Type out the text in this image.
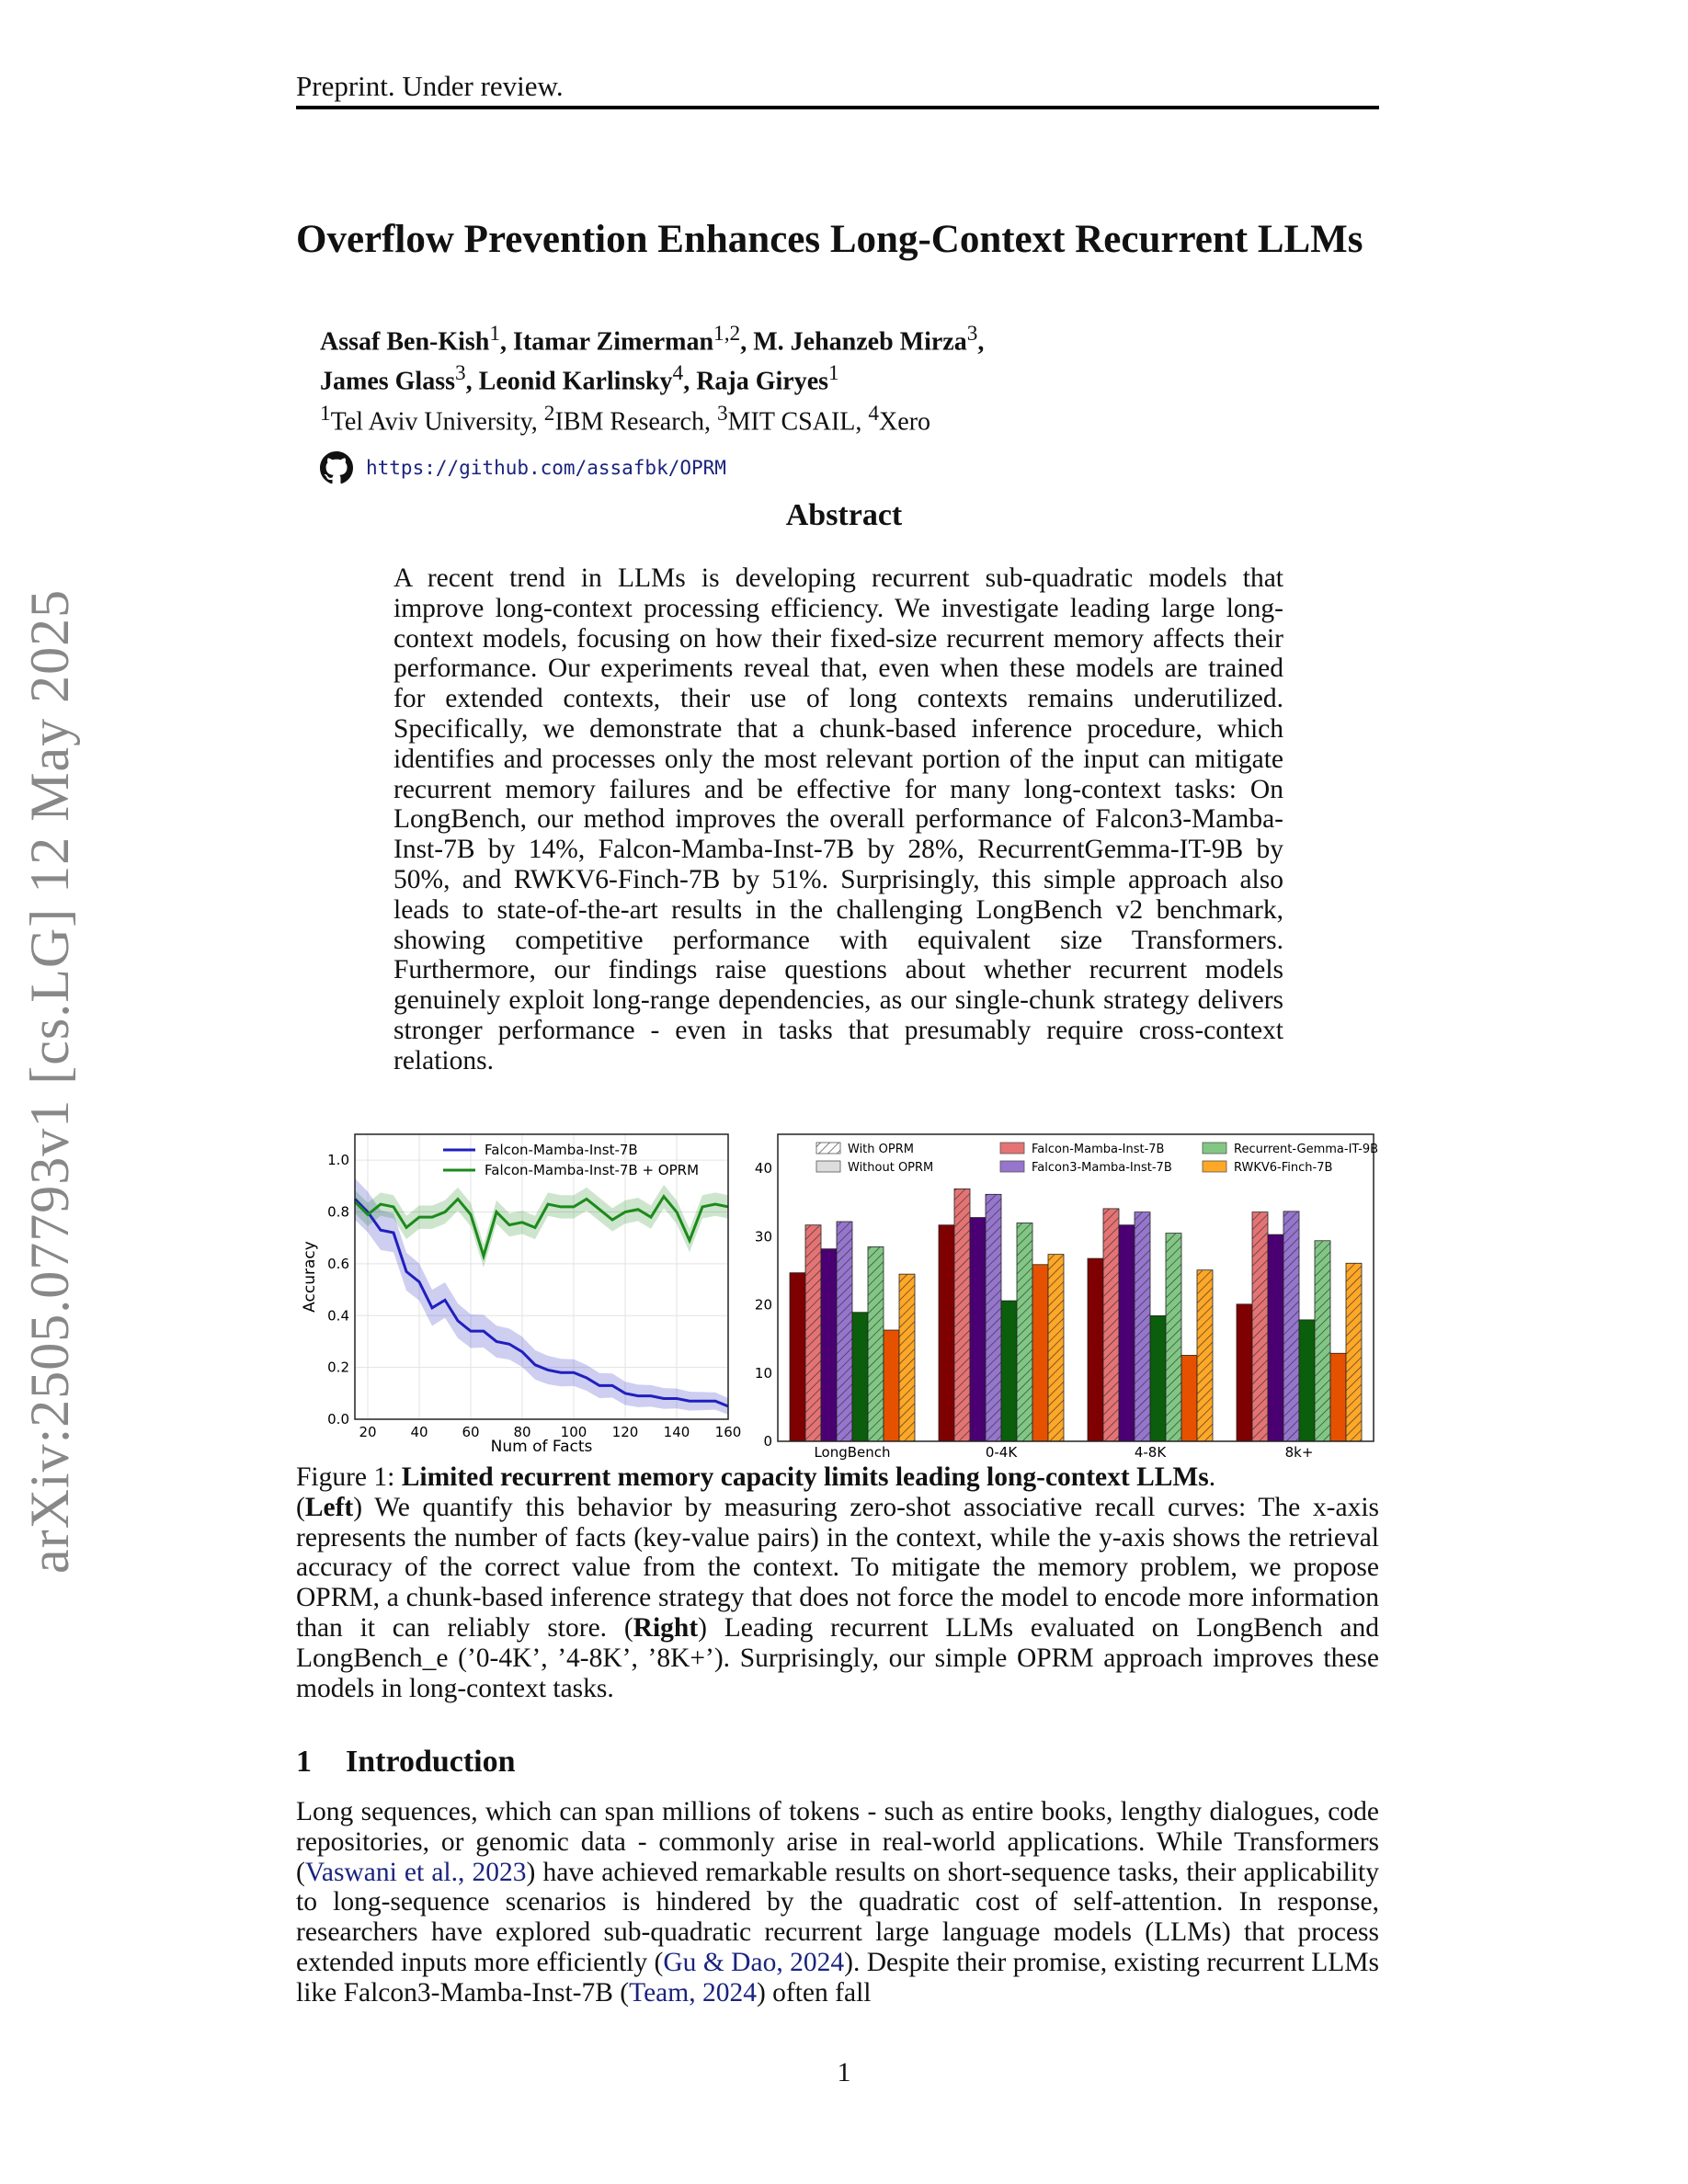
Preprint. Under review.
arXiv:2505.07793v1 [cs.LG] 12 May 2025
Overflow Prevention Enhances Long-Context Recurrent LLMs
Assaf Ben-Kish$^1$, Itamar Zimerman$^{1,2}$, M. Jehanzeb Mirza$^3$,
James Glass$^3$, Leonid Karlinsky$^4$, Raja Giryes$^1$
$^1$Tel Aviv University, $^2$IBM Research, $^3$MIT CSAIL, $^4$Xero
https://github.com/assafbk/OPRM
Abstract
A recent trend in LLMs is developing recurrent sub-quadratic models that improve long-context processing efficiency. We investigate leading large long-context models, focusing on how their fixed-size recurrent memory affects their performance. Our experiments reveal that, even when these models are trained for extended contexts, their use of long contexts remains underutilized. Specifically, we demonstrate that a chunk-based inference procedure, which identifies and processes only the most relevant portion of the input can mitigate recurrent memory failures and be effective for many long-context tasks: On LongBench, our method improves the overall performance of Falcon3-Mamba-Inst-7B by 14%, Falcon-Mamba-Inst-7B by 28%, RecurrentGemma-IT-9B by 50%, and RWKV6-Finch-7B by 51%. Surprisingly, this simple approach also leads to state-of-the-art results in the challenging LongBench v2 benchmark, showing competitive performance with equivalent size Transformers. Furthermore, our findings raise questions about whether recurrent models genuinely exploit long-range dependencies, as our single-chunk strategy delivers stronger performance - even in tasks that presumably require cross-context relations.
20 40 60 80 100 120 140 160
0.0
0.2
0.4
0.6
0.8
1.0
Num of Facts
Accuracy
Falcon-Mamba-Inst-7B
Falcon-Mamba-Inst-7B + OPRM
LongBench	0-4K	4-8K	8k+
0
10
20
30
40
With OPRM
Without OPRM
Falcon-Mamba-Inst-7B
Falcon3-Mamba-Inst-7B
Recurrent-Gemma-IT-9B
RWKV6-Finch-7B
Figure 1: Limited recurrent memory capacity limits leading long-context LLMs.
(Left) We quantify this behavior by measuring zero-shot associative recall curves: The x-axis represents the number of facts (key-value pairs) in the context, while the y-axis shows the retrieval accuracy of the correct value from the context. To mitigate the memory problem, we propose OPRM, a chunk-based inference strategy that does not force the model to encode more information than it can reliably store. (Right) Leading recurrent LLMs evaluated on LongBench and LongBench_e (’0-4K’, ’4-8K’, ’8K+’). Surprisingly, our simple OPRM approach improves these models in long-context tasks.
1 Introduction
Long sequences, which can span millions of tokens - such as entire books, lengthy dialogues, code repositories, or genomic data - commonly arise in real-world applications. While Transformers (Vaswani et al., 2023) have achieved remarkable results on short-sequence tasks, their applicability to long-sequence scenarios is hindered by the quadratic cost of self-attention. In response, researchers have explored sub-quadratic recurrent large language models (LLMs) that process extended inputs more efficiently (Gu & Dao, 2024). Despite their promise, existing recurrent LLMs like Falcon3-Mamba-Inst-7B (Team, 2024) often fall
1
